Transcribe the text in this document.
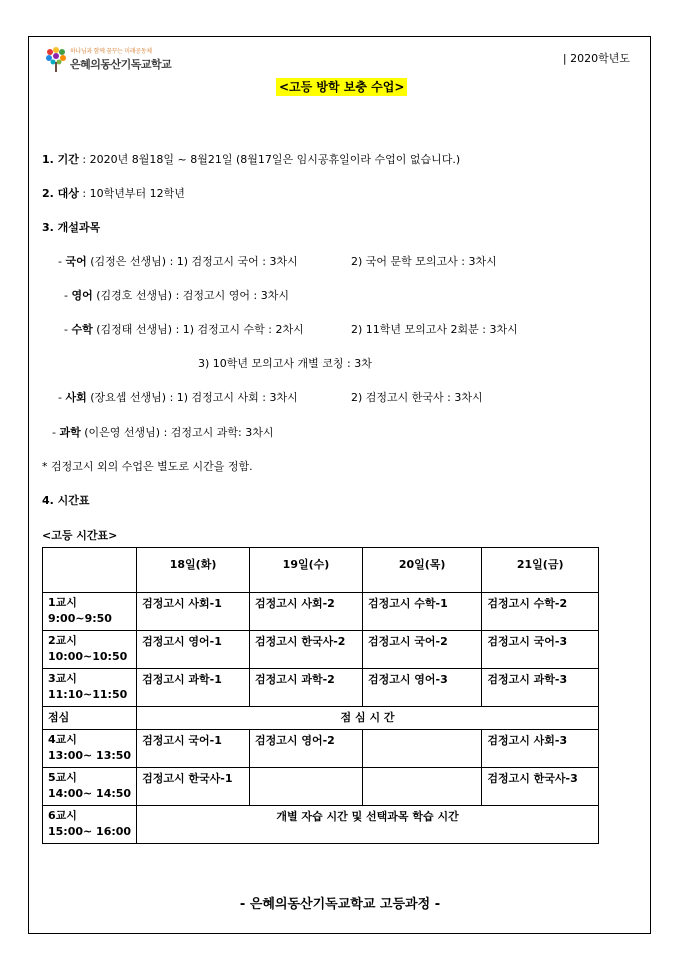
하나님과 함께 꿈꾸는 미래공동체
은혜의동산기독교학교	| 2020학년도
<고등 방학 보충 수업>
1. 기간 : 2020년 8월18일 ~ 8월21일 (8월17일은 임시공휴일이라 수업이 없습니다.)
2. 대상 : 10학년부터 12학년
3. 개설과목
- 국어 (김정은 선생님) : 1) 검정고시 국어 : 3차시	2) 국어 문학 모의고사 : 3차시
- 영어 (김경호 선생님) : 검정고시 영어 : 3차시
- 수학 (김정태 선생님) : 1) 검정고시 수학 : 2차시	2) 11학년 모의고사 2회분 : 3차시
3) 10학년 모의고사 개별 코칭 : 3차
- 사회 (장요셉 선생님) : 1) 검정고시 사회 : 3차시	2) 검정고시 한국사 : 3차시
- 과학 (이은영 선생님) : 검정고시 과학: 3차시
* 검정고시 외의 수업은 별도로 시간을 정함.
4. 시간표
<고등 시간표>
	18일(화)	19일(수)	20일(목)	21일(금)

1교시
9:00~9:50	검정고시 사회-1	검정고시 사회-2	검정고시 수학-1	검정고시 수학-2

2교시
10:00~10:50	검정고시 영어-1	검정고시 한국사-2	검정고시 국어-2	검정고시 국어-3

3교시
11:10~11:50	검정고시 과학-1	검정고시 과학-2	검정고시 영어-3	검정고시 과학-3
점심	점 심 시 간			

4교시
13:00~ 13:50	검정고시 국어-1	검정고시 영어-2		검정고시 사회-3

5교시
14:00~ 14:50	검정고시 한국사-1			검정고시 한국사-3

6교시
15:00~ 16:00	개별 자습 시간 및 선택과목 학습 시간			
- 은혜의동산기독교학교 고등과정 -
